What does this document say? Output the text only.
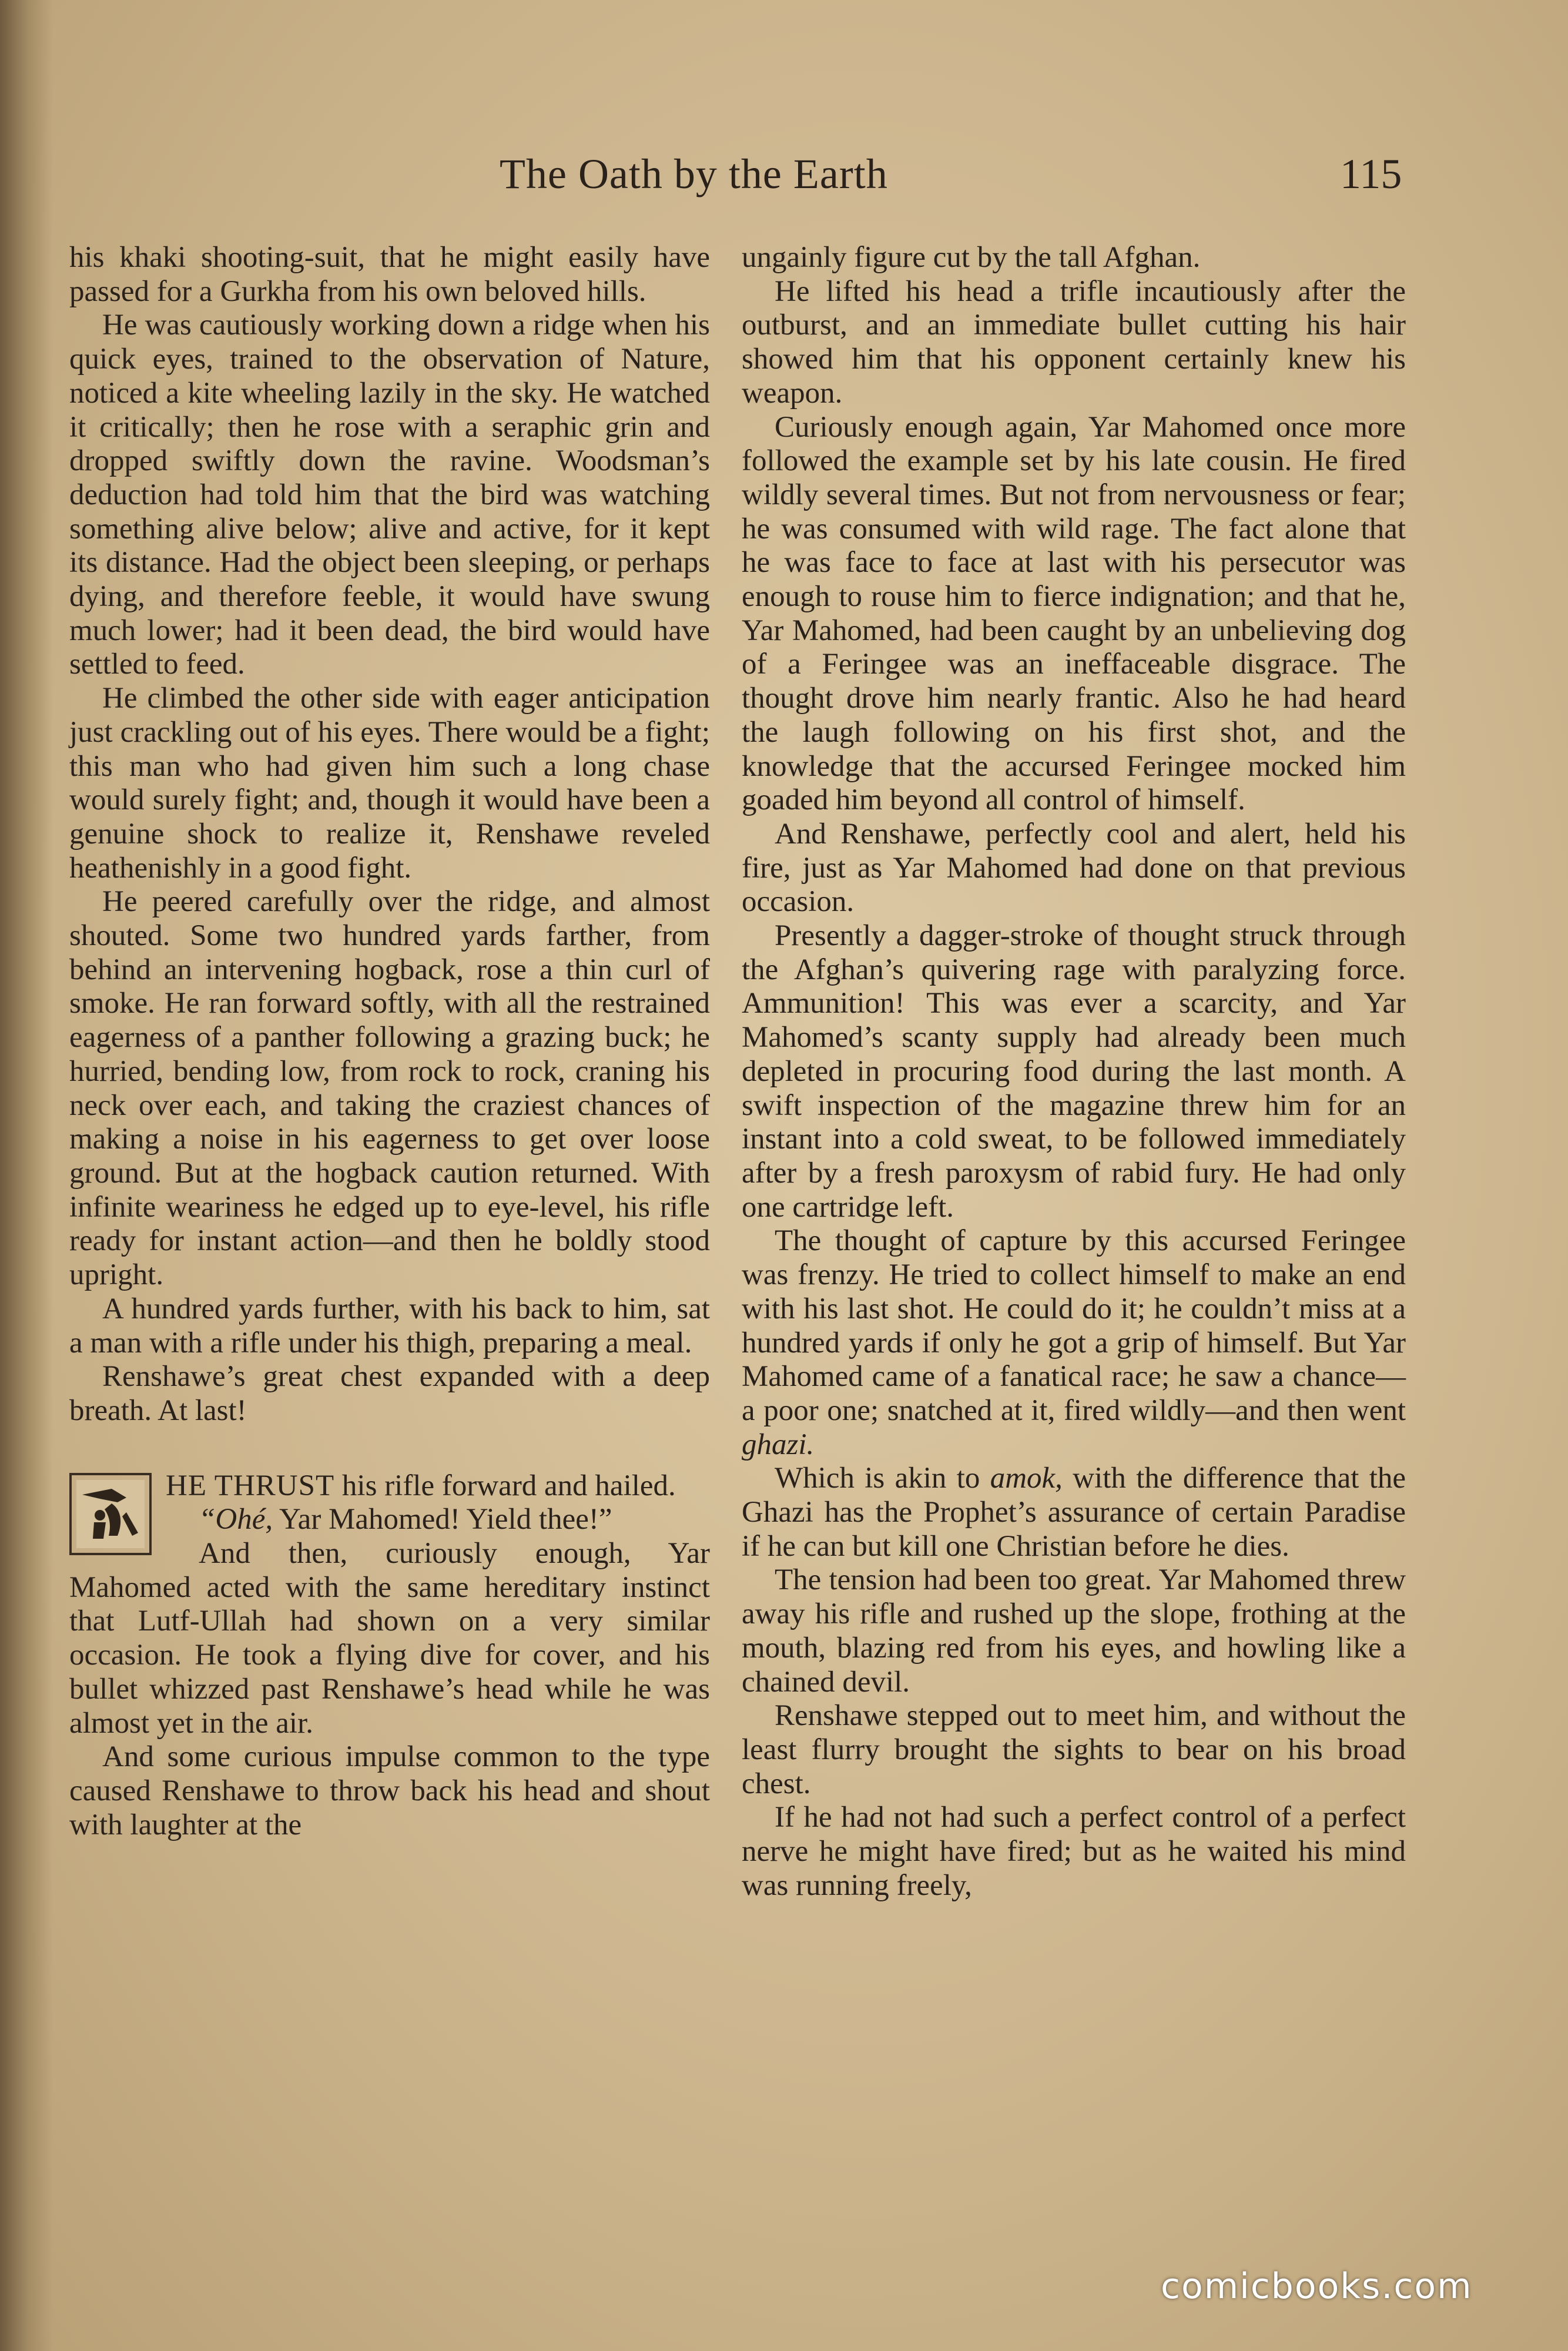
The Oath by the Earth	115

his khaki shooting-suit, that he might easily have passed for a Gurkha from his own beloved hills.

He was cautiously working down a ridge when his quick eyes, trained to the observation of Nature, noticed a kite wheeling lazily in the sky. He watched it critically; then he rose with a seraphic grin and dropped swiftly down the ravine. Woodsman’s deduction had told him that the bird was watching something alive below; alive and active, for it kept its distance. Had the object been sleeping, or perhaps dying, and therefore feeble, it would have swung much lower; had it been dead, the bird would have settled to feed.

He climbed the other side with eager anticipation just crackling out of his eyes. There would be a fight; this man who had given him such a long chase would surely fight; and, though it would have been a genuine shock to realize it, Renshawe reveled heathenishly in a good fight.

He peered carefully over the ridge, and almost shouted. Some two hundred yards farther, from behind an intervening hogback, rose a thin curl of smoke. He ran forward softly, with all the restrained eagerness of a panther following a grazing buck; he hurried, bending low, from rock to rock, craning his neck over each, and taking the craziest chances of making a noise in his eagerness to get over loose ground. But at the hogback caution returned. With infinite weariness he edged up to eye-level, his rifle ready for instant action—and then he boldly stood upright.

A hundred yards further, with his back to him, sat a man with a rifle under his thigh, preparing a meal.

Renshawe’s great chest expanded with a deep breath. At last!

HE THRUST his rifle forward and hailed.

“Ohé, Yar Mahomed! Yield thee!”

And then, curiously enough, Yar Mahomed acted with the same hereditary instinct that Lutf-Ullah had shown on a very similar occasion. He took a flying dive for cover, and his bullet whizzed past Renshawe’s head while he was almost yet in the air.

And some curious impulse common to the type caused Renshawe to throw back his head and shout with laughter at the

ungainly figure cut by the tall Afghan.

He lifted his head a trifle incautiously after the outburst, and an immediate bullet cutting his hair showed him that his opponent certainly knew his weapon.

Curiously enough again, Yar Mahomed once more followed the example set by his late cousin. He fired wildly several times. But not from nervousness or fear; he was consumed with wild rage. The fact alone that he was face to face at last with his persecutor was enough to rouse him to fierce indignation; and that he, Yar Mahomed, had been caught by an unbelieving dog of a Feringee was an ineffaceable disgrace. The thought drove him nearly frantic. Also he had heard the laugh following on his first shot, and the knowledge that the accursed Feringee mocked him goaded him beyond all control of himself.

And Renshawe, perfectly cool and alert, held his fire, just as Yar Mahomed had done on that previous occasion.

Presently a dagger-stroke of thought struck through the Afghan’s quivering rage with paralyzing force. Ammunition! This was ever a scarcity, and Yar Mahomed’s scanty supply had already been much depleted in procuring food during the last month. A swift inspection of the magazine threw him for an instant into a cold sweat, to be followed immediately after by a fresh paroxysm of rabid fury. He had only one cartridge left.

The thought of capture by this accursed Feringee was frenzy. He tried to collect himself to make an end with his last shot. He could do it; he couldn’t miss at a hundred yards if only he got a grip of himself. But Yar Mahomed came of a fanatical race; he saw a chance—a poor one; snatched at it, fired wildly—and then went ghazi.

Which is akin to amok, with the difference that the Ghazi has the Prophet’s assurance of certain Paradise if he can but kill one Christian before he dies.

The tension had been too great. Yar Mahomed threw away his rifle and rushed up the slope, frothing at the mouth, blazing red from his eyes, and howling like a chained devil.

Renshawe stepped out to meet him, and without the least flurry brought the sights to bear on his broad chest.

If he had not had such a perfect control of a perfect nerve he might have fired; but as he waited his mind was running freely,

comicbooks.com
